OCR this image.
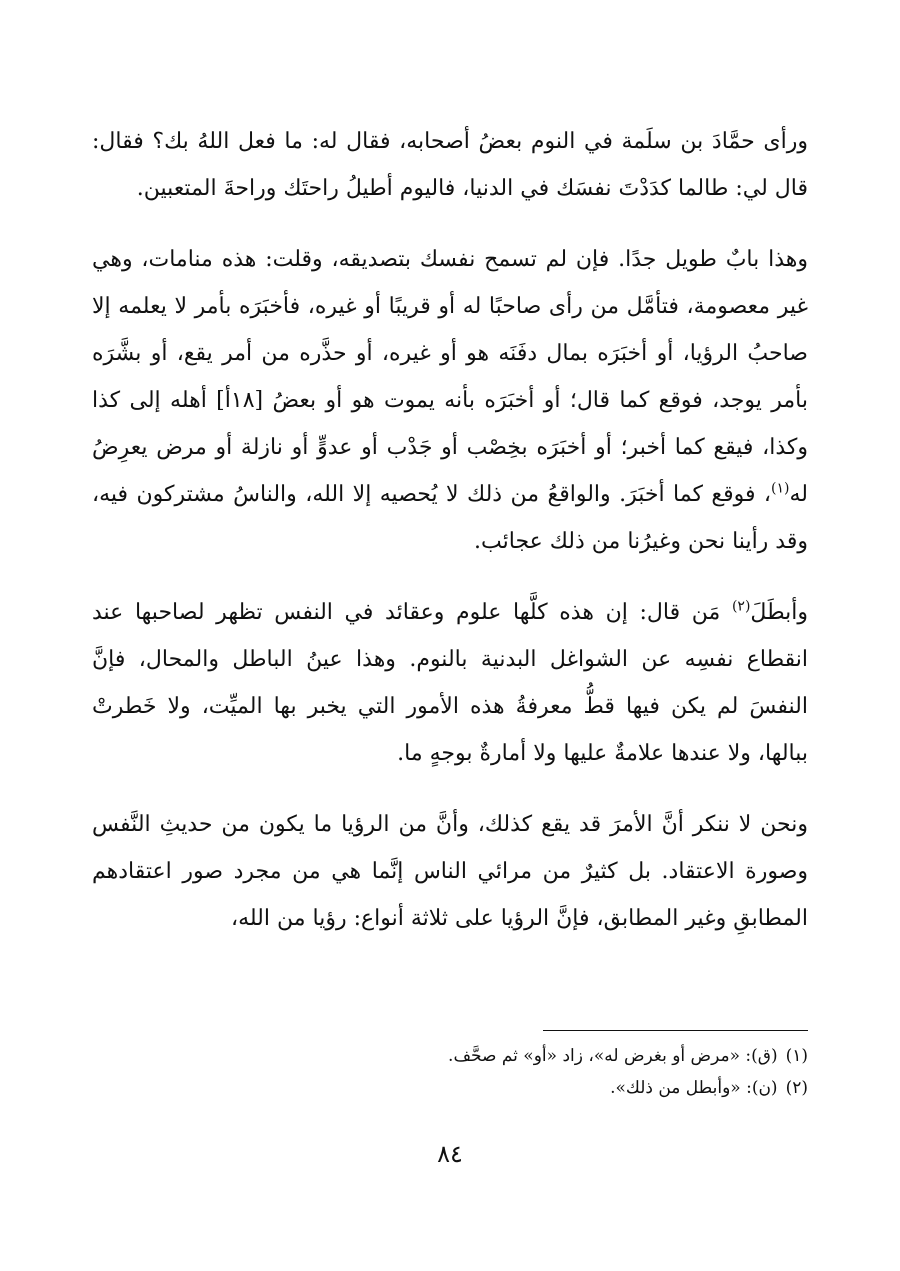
ورأى حمَّادَ بن سلَمة في النوم بعضُ أصحابه، فقال له: ما فعل اللهُ بك؟ فقال: قال لي: طالما كدَدْتَ نفسَك في الدنيا، فاليوم أطيلُ راحتَك وراحةَ المتعبين.

وهذا بابٌ طويل جدًا. فإن لم تسمح نفسك بتصديقه، وقلت: هذه منامات، وهي غير معصومة، فتأمَّل من رأى صاحبًا له أو قريبًا أو غيره، فأخبَرَه بأمر لا يعلمه إلا صاحبُ الرؤيا، أو أخبَرَه بمال دفَنَه هو أو غيره، أو حذَّره من أمر يقع، أو بشَّرَه بأمر يوجد، فوقع كما قال؛ أو أخبَرَه بأنه يموت هو أو بعضُ [١٨أ] أهله إلى كذا وكذا، فيقع كما أخبر؛ أو أخبَرَه بخِصْب أو جَدْب أو عدوٍّ أو نازلة أو مرض يعرِضُ له$^{(١)}$، فوقع كما أخبَرَ. والواقعُ من ذلك لا يُحصيه إلا الله، والناسُ مشتركون فيه، وقد رأينا نحن وغيرُنا من ذلك عجائب.

وأبطَلَ$^{(٢)}$ مَن قال: إن هذه كلَّها علوم وعقائد في النفس تظهر لصاحبها عند انقطاع نفسِه عن الشواغل البدنية بالنوم. وهذا عينُ الباطل والمحال، فإنَّ النفسَ لم يكن فيها قطُّ معرفةُ هذه الأمور التي يخبر بها الميِّت، ولا خَطرتْ ببالها، ولا عندها علامةٌ عليها ولا أمارةٌ بوجهٍ ما.

ونحن لا ننكر أنَّ الأمرَ قد يقع كذلك، وأنَّ من الرؤيا ما يكون من حديثِ النَّفس وصورة الاعتقاد. بل كثيرٌ من مرائي الناس إنَّما هي من مجرد صور اعتقادهم المطابقِ وغير المطابق، فإنَّ الرؤيا على ثلاثة أنواع: رؤيا من الله،

(١)(ق): «مرض أو بغرض له»، زاد «أو» ثم صحَّف.

(٢)(ن): «وأبطل من ذلك».

٨٤
